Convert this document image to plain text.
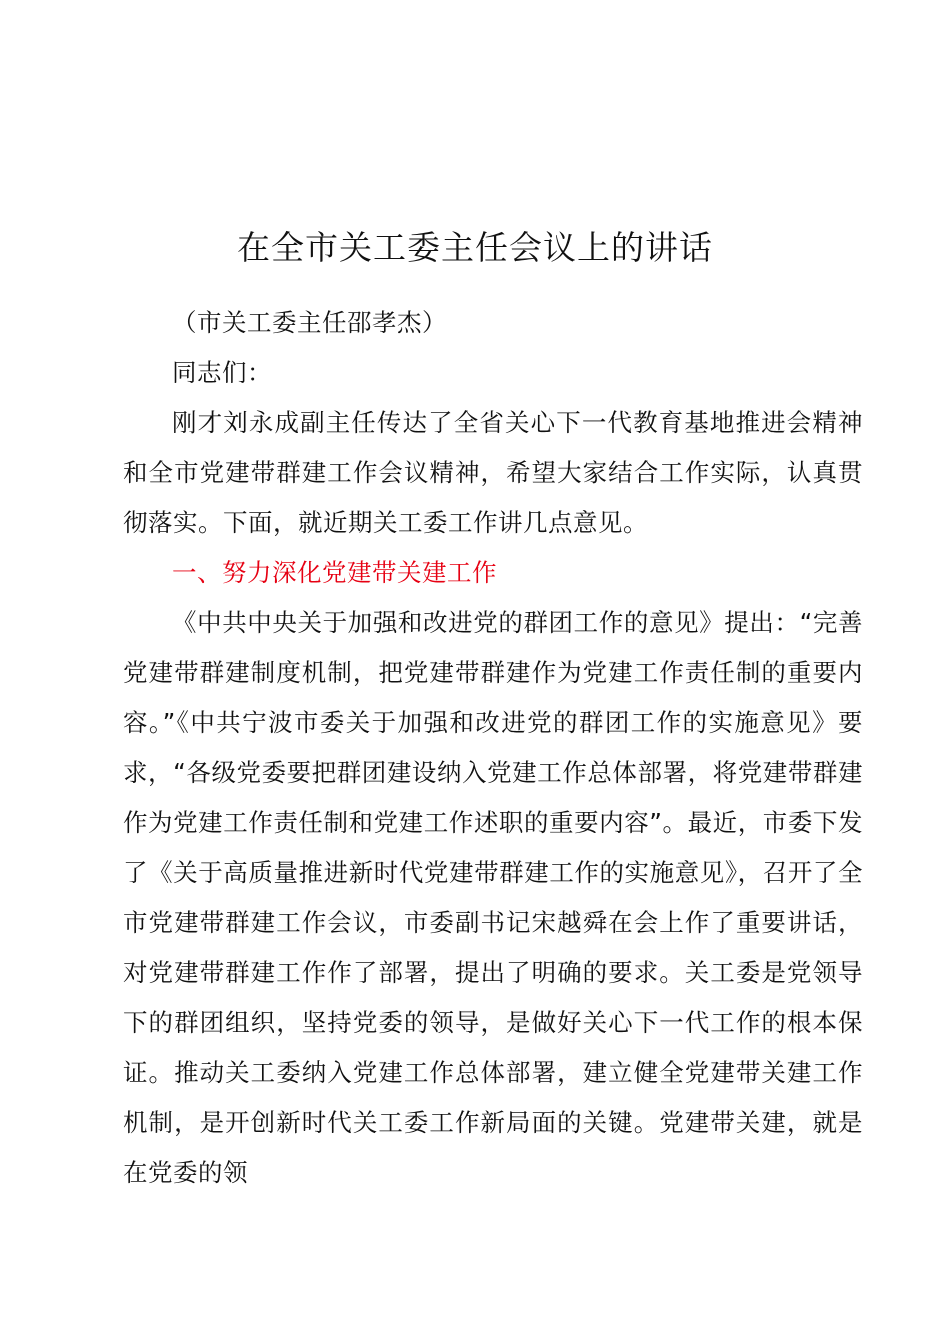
在全市关工委主任会议上的讲话

（市关工委主任邵孝杰）

同志们：

刚才刘永成副主任传达了全省关心下一代教育基地推进会精神和全市党建带群建工作会议精神，希望大家结合工作实际，认真贯彻落实。下面，就近期关工委工作讲几点意见。

一、努力深化党建带关建工作

《中共中央关于加强和改进党的群团工作的意见》提出：“完善党建带群建制度机制，把党建带群建作为党建工作责任制的重要内容。”《中共宁波市委关于加强和改进党的群团工作的实施意见》要求，“各级党委要把群团建设纳入党建工作总体部署，将党建带群建作为党建工作责任制和党建工作述职的重要内容”。最近，市委下发了《关于高质量推进新时代党建带群建工作的实施意见》，召开了全市党建带群建工作会议，市委副书记宋越舜在会上作了重要讲话，对党建带群建工作作了部署，提出了明确的要求。关工委是党领导下的群团组织，坚持党委的领导，是做好关心下一代工作的根本保证。推动关工委纳入党建工作总体部署，建立健全党建带关建工作机制，是开创新时代关工委工作新局面的关键。党建带关建，就是在党委的领
